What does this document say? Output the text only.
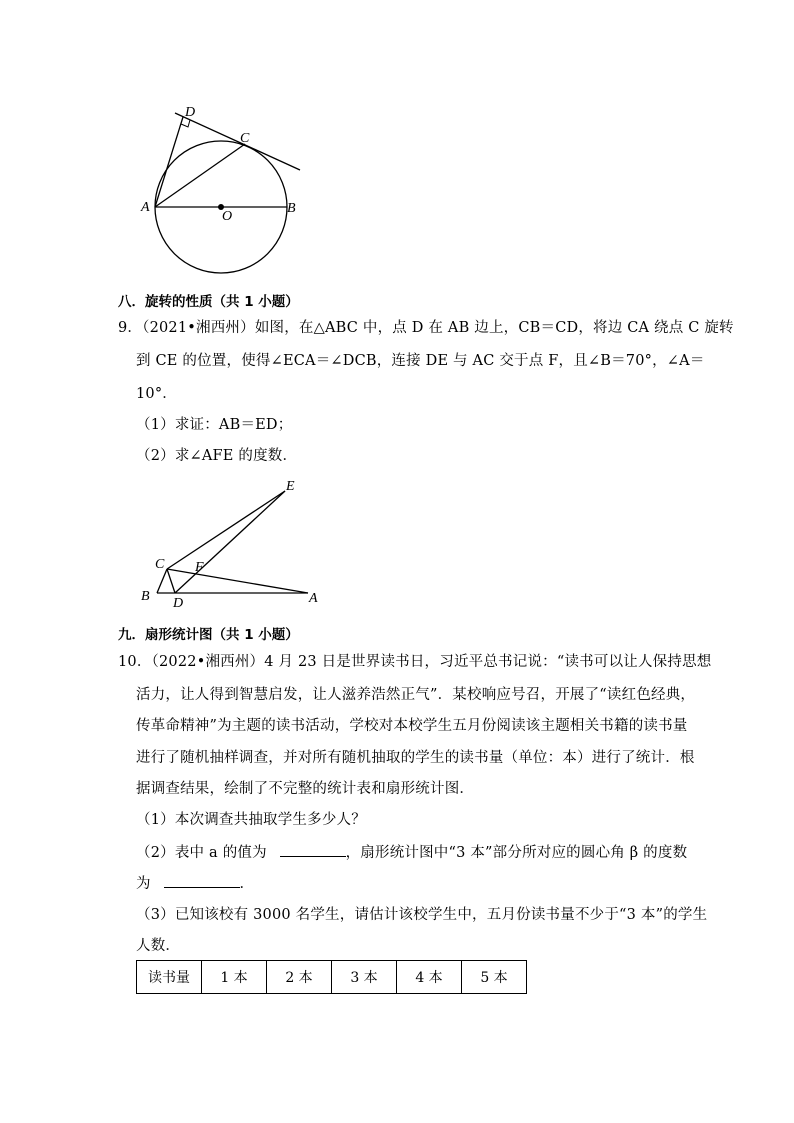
D
C
A
O
B
八．旋转的性质（共 1 小题）
9．（2021•湘西州）如图，在△ABC 中，点 D 在 AB 边上，CB＝CD，将边 CA 绕点 C 旋转
到 CE 的位置，使得∠ECA＝∠DCB，连接 DE 与 AC 交于点 F，且∠B＝70°，∠A＝
10°．
（1）求证：AB＝ED；
（2）求∠AFE 的度数．
E
C F
B D	A
九．扇形统计图（共 1 小题）
10．（2022•湘西州）4 月 23 日是世界读书日，习近平总书记说：“读书可以让人保持思想
活力，让人得到智慧启发，让人滋养浩然正气”．某校响应号召，开展了“读红色经典，
传革命精神”为主题的读书活动，学校对本校学生五月份阅读该主题相关书籍的读书量
进行了随机抽样调查，并对所有随机抽取的学生的读书量（单位：本）进行了统计．根
据调查结果，绘制了不完整的统计表和扇形统计图．
（1）本次调查共抽取学生多少人？
（2）表中 a 的值为	，扇形统计图中“3 本”部分所对应的圆心角 β 的度数
为	．
（3）已知该校有 3000 名学生，请估计该校学生中，五月份读书量不少于“3 本”的学生
人数．
读书量	1 本	2 本	3 本	4 本	5 本
